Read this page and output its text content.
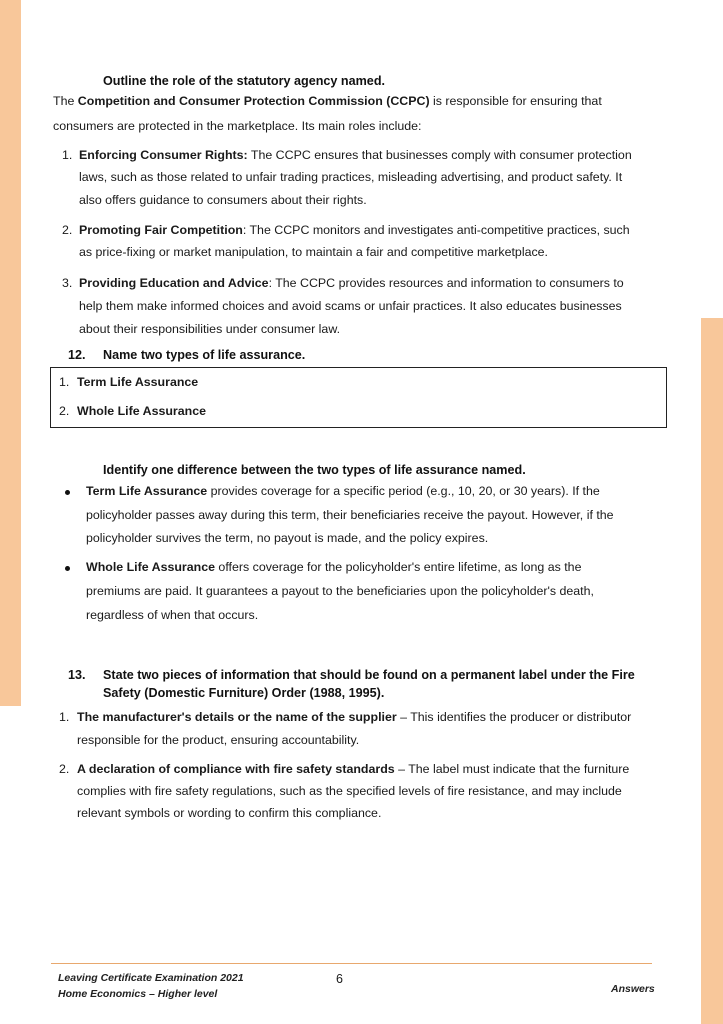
Outline the role of the statutory agency named.
The Competition and Consumer Protection Commission (CCPC) is responsible for ensuring that
consumers are protected in the marketplace. Its main roles include:
1. Enforcing Consumer Rights: The CCPC ensures that businesses comply with consumer protection
laws, such as those related to unfair trading practices, misleading advertising, and product safety. It
also offers guidance to consumers about their rights.
2. Promoting Fair Competition: The CCPC monitors and investigates anti-competitive practices, such
as price-fixing or market manipulation, to maintain a fair and competitive marketplace.
3. Providing Education and Advice: The CCPC provides resources and information to consumers to
help them make informed choices and avoid scams or unfair practices. It also educates businesses
about their responsibilities under consumer law.
12. Name two types of life assurance.
1. Term Life Assurance
2. Whole Life Assurance
Identify one difference between the two types of life assurance named.
Term Life Assurance provides coverage for a specific period (e.g., 10, 20, or 30 years). If the
policyholder passes away during this term, their beneficiaries receive the payout. However, if the
policyholder survives the term, no payout is made, and the policy expires.
Whole Life Assurance offers coverage for the policyholder's entire lifetime, as long as the
premiums are paid. It guarantees a payout to the beneficiaries upon the policyholder's death,
regardless of when that occurs.
13. State two pieces of information that should be found on a permanent label under the Fire
Safety (Domestic Furniture) Order (1988, 1995).
1. The manufacturer's details or the name of the supplier – This identifies the producer or distributor
responsible for the product, ensuring accountability.
2. A declaration of compliance with fire safety standards – The label must indicate that the furniture
complies with fire safety regulations, such as the specified levels of fire resistance, and may include
relevant symbols or wording to confirm this compliance.
Leaving Certificate Examination 2021
Home Economics – Higher level
6
Answers
